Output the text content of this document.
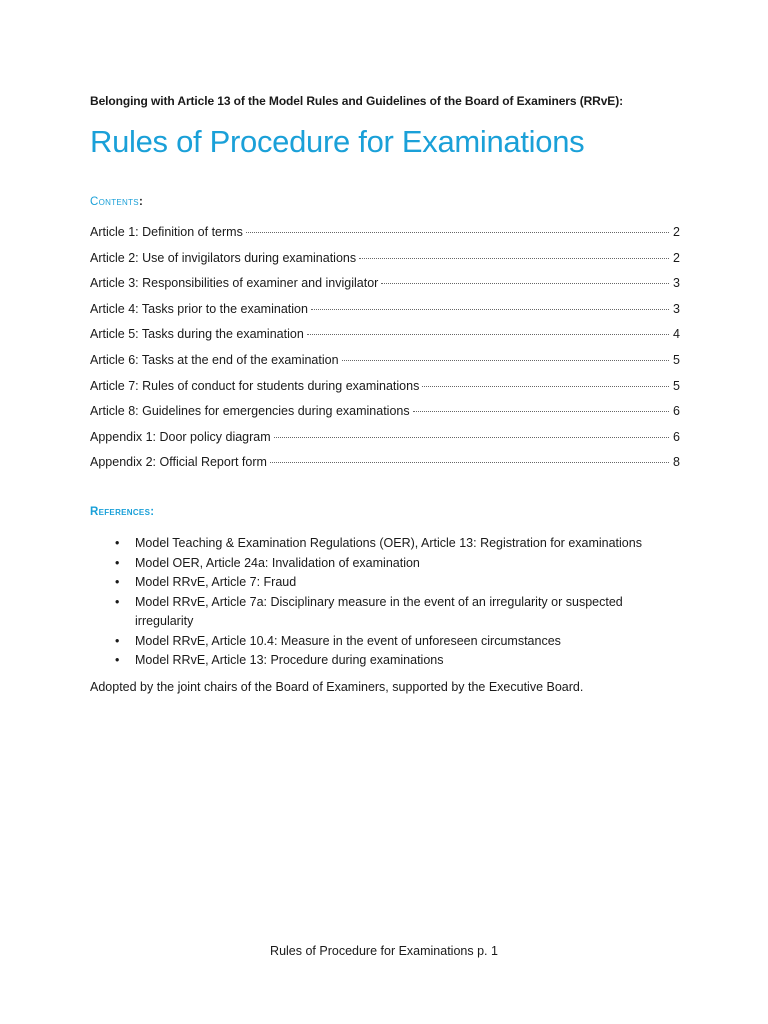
Belonging with Article 13 of the Model Rules and Guidelines of the Board of Examiners (RRvE):
Rules of Procedure for Examinations
Contents:
Article 1: Definition of terms	2
Article 2: Use of invigilators during examinations	2
Article 3: Responsibilities of examiner and invigilator	3
Article 4: Tasks prior to the examination	3
Article 5: Tasks during the examination	4
Article 6: Tasks at the end of the examination	5
Article 7: Rules of conduct for students during examinations	5
Article 8: Guidelines for emergencies during examinations	6
Appendix 1: Door policy diagram	6
Appendix 2: Official Report form	8
References:
• Model Teaching & Examination Regulations (OER), Article 13: Registration for examinations
• Model OER, Article 24a: Invalidation of examination
• Model RRvE, Article 7: Fraud
• Model RRvE, Article 7a: Disciplinary measure in the event of an irregularity or suspected irregularity
• Model RRvE, Article 10.4: Measure in the event of unforeseen circumstances
• Model RRvE, Article 13: Procedure during examinations
Adopted by the joint chairs of the Board of Examiners, supported by the Executive Board.
Rules of Procedure for Examinations p. 1
